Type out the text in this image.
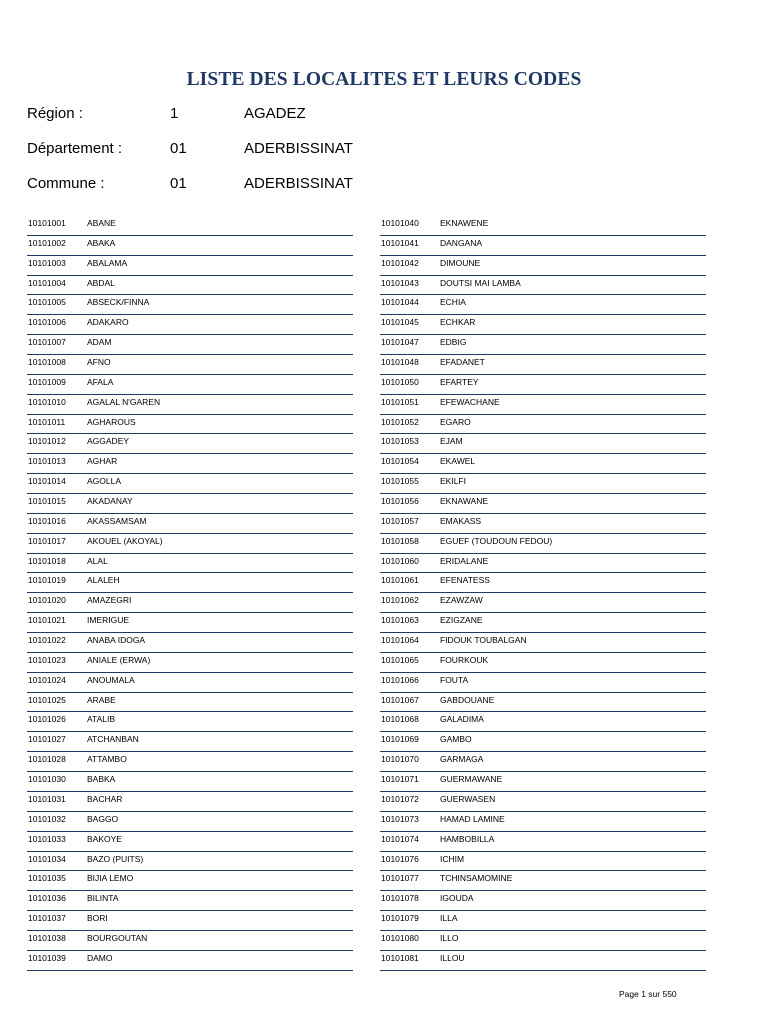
LISTE DES LOCALITES ET LEURS CODES
Région :	1	AGADEZ
Département :	01	ADERBISSINAT
Commune :	01	ADERBISSINAT
10101001 ABANE
10101002 ABAKA
10101003 ABALAMA
10101004 ABDAL
10101005 ABSECK/FINNA
10101006 ADAKARO
10101007 ADAM
10101008 AFNO
10101009 AFALA
10101010 AGALAL N'GAREN
10101011	AGHAROUS
10101012 AGGADEY
10101013 AGHAR
10101014 AGOLLA
10101015 AKADANAY
10101016 AKASSAMSAM
10101017 AKOUEL (AKOYAL)
10101018 ALAL
10101019 ALALEH
10101020 AMAZEGRI
10101021 IMERIGUE
10101022 ANABA IDOGA
10101023 ANIALE (ERWA)
10101024 ANOUMALA
10101025 ARABE
10101026 ATALIB
10101027 ATCHANBAN
10101028 ATTAMBO
10101030 BABKA
10101031 BACHAR
10101032 BAGGO
10101033 BAKOYE
10101034 BAZO (PUITS)
10101035 BIJIA LEMO
10101036 BILINTA
10101037 BORI
10101038 BOURGOUTAN
10101039 DAMO
10101040 EKNAWENE
10101041 DANGANA
10101042 DIMOUNE
10101043 DOUTSI MAI LAMBA
10101044 ECHIA
10101045 ECHKAR
10101047 EDBIG
10101048 EFADANET
10101050 EFARTEY
10101051 EFEWACHANE
10101052 EGARO
10101053 EJAM
10101054 EKAWEL
10101055 EKILFI
10101056 EKNAWANE
10101057 EMAKASS
10101058 EGUEF (TOUDOUN FEDOU)
10101060 ERIDALANE
10101061 EFENATESS
10101062 EZAWZAW
10101063 EZIGZANE
10101064 FIDOUK TOUBALGAN
10101065 FOURKOUK
10101066 FOUTA
10101067 GABDOUANE
10101068 GALADIMA
10101069 GAMBO
10101070 GARMAGA
10101071 GUERMAWANE
10101072 GUERWASEN
10101073 HAMAD LAMINE
10101074 HAMBOBILLA
10101076 ICHIM
10101077 TCHINSAMOMINE
10101078 IGOUDA
10101079 ILLA
10101080 ILLO
10101081 ILLOU
Page 1 sur 550
